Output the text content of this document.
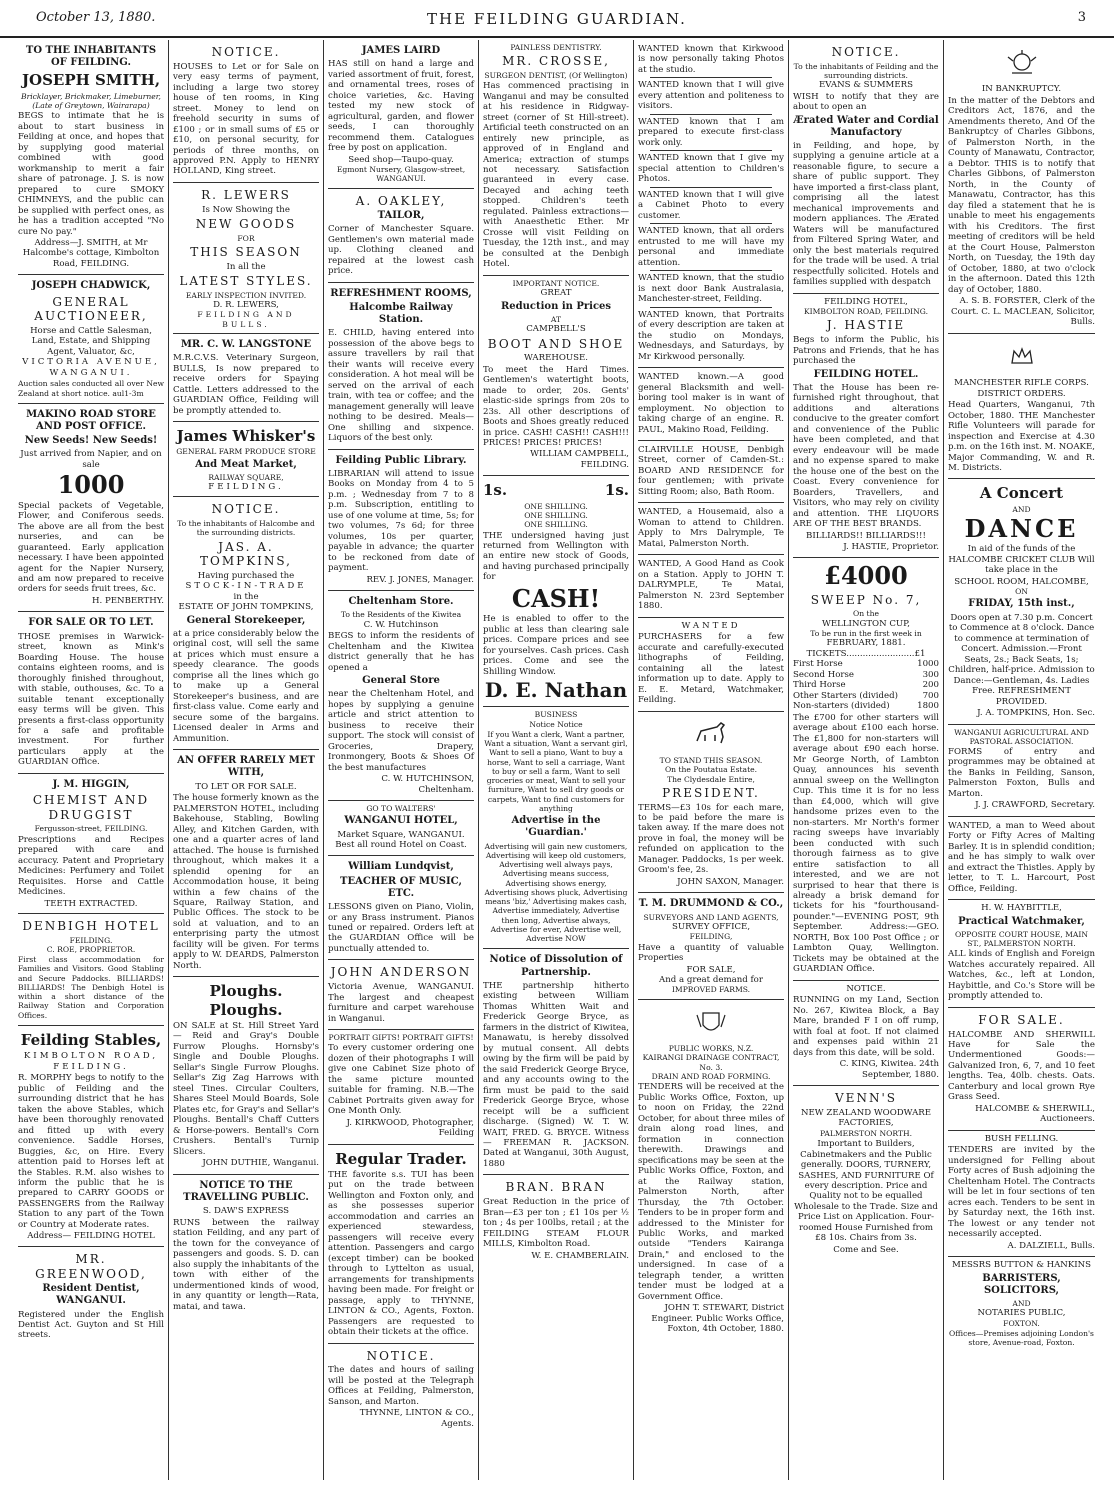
October 13, 1880.	THE FEILDING GUARDIAN.	3
TO THE INHABITANTS OF FEILDING.
JOSEPH SMITH,
Bricklayer, Brickmaker, Limeburner, (Late of Greytown, Wairarapa)

BEGS to intimate that he is about to start business in Feilding at once, and hopes that by supplying good material combined with good workmanship to merit a fair share of patronage. J. S. is now prepared to cure SMOKY CHIMNEYS, and the public can be supplied with perfect ones, as he has a tradition accepted "No cure No pay."

Address—J. SMITH, at Mr Halcombe's cottage, Kimbolton Road, FEILDING.

JOSEPH CHADWICK,
GENERAL AUCTIONEER,
Horse and Cattle Salesman, Land, Estate, and Shipping Agent, Valuator, &c,
VICTORIA AVENUE, WANGANUI.

Auction sales conducted all over New Zealand at short notice. aul1-3m

MAKINO ROAD STORE AND POST OFFICE.
New Seeds! New Seeds!
Just arrived from Napier, and on sale
1000

Special packets of Vegetable, Flower, and Coniferous seeds. The above are all from the best nurseries, and can be guaranteed. Early application necessary. I have been appointed agent for the Napier Nursery, and am now prepared to receive orders for seeds fruit trees, &c.

H. PENBERTHY.

FOR SALE OR TO LET.

THOSE premises in Warwick-street, known as Mink's Boarding House. The house contains eighteen rooms, and is thoroughly finished throughout, with stable, outhouses, &c. To a suitable tenant exceptionally easy terms will be given. This presents a first-class opportunity for a safe and profitable investment. For further particulars apply at the GUARDIAN Office.

J. M. HIGGIN,
CHEMIST AND DRUGGIST
Fergusson-street, FEILDING.

Prescriptions and Recipes prepared with care and accuracy. Patent and Proprietary Medicines: Perfumery and Toilet Requisites. Horse and Cattle Medicines.

TEETH EXTRACTED.
DENBIGH HOTEL
FEILDING.
C. ROE, PROPRIETOR.

First class accommodation for Families and Visitors. Good Stabling and Secure Paddocks. BILLIARDS! BILLIARDS! The Denbigh Hotel is within a short distance of the Railway Station and Corporation Offices.

Feilding Stables,
KIMBOLTON ROAD, FEILDING.

R. MORPHY begs to notify to the public of Feilding and the surrounding district that he has taken the above Stables, which have been thoroughly renovated and fitted up with every convenience. Saddle Horses, Buggies, &c, on Hire. Every attention paid to Horses left at the Stables. R.M. also wishes to inform the public that he is prepared to CARRY GOODS or PASSENGERS from the Railway Station to any part of the Town or Country at Moderate rates.

Address— FEILDING HOTEL
MR. GREENWOOD,
Resident Dentist, WANGANUI.

Registered under the English Dentist Act. Guyton and St Hill streets.

NOTICE.

HOUSES to Let or for Sale on very easy terms of payment, including a large two storey house of ten rooms, in King street. Money to lend on freehold security in sums of £100 ; or in small sums of £5 or £10, on personal security, for periods of three months, on approved P.N. Apply to HENRY HOLLAND, King street.

R. LEWERS
Is Now Showing the
NEW GOODS
FOR
THIS SEASON
In all the
LATEST STYLES.
EARLY INSPECTION INVITED.
D. R. LEWERS,
FEILDING AND BULLS.
MR. C. W. LANGSTONE

M.R.C.V.S. Veterinary Surgeon, BULLS, Is now prepared to receive orders for Spaying Cattle. Letters addressed to the GUARDIAN Office, Feilding will be promptly attended to.

James Whisker's
GENERAL FARM PRODUCE STORE
And Meat Market,
RAILWAY SQUARE,
FEILDING.
NOTICE.
To the inhabitants of Halcombe and the surrounding districts.
JAS. A. TOMPKINS,
Having purchased the
STOCK-IN-TRADE
in the
ESTATE OF JOHN TOMPKINS,
General Storekeeper,

at a price considerably below the original cost, will sell the same at prices which must ensure a speedy clearance. The goods comprise all the lines which go to make up a General Storekeeper's business, and are first-class value. Come early and secure some of the bargains. Licensed dealer in Arms and Ammunition.

AN OFFER RARELY MET WITH,
TO LET OR FOR SALE.

The house formerly known as the PALMERSTON HOTEL, including Bakehouse, Stabling, Bowling Alley, and Kitchen Garden, with one and a quarter acres of land attached. The house is furnished throughout, which makes it a splendid opening for an Accommodation house, it being within a few chains of the Square, Railway Station, and Public Offices. The stock to be sold at valuation, and to an enterprising party the utmost facility will be given. For terms apply to W. DEARDS, Palmerston North.

Ploughs. Ploughs.

ON SALE at St. Hill Street Yard— Reid and Gray's Double Furrow Ploughs. Hornsby's Single and Double Ploughs. Sellar's Single Furrow Ploughs. Sellar's Zig Zag Harrows with steel Tines. Circular Coulters, Shares Steel Mould Boards, Sole Plates etc, for Gray's and Sellar's Ploughs. Bentall's Chaff Cutters & Horse-powers. Bentall's Corn Crushers. Bentall's Turnip Slicers.

JOHN DUTHIE, Wanganui.

NOTICE TO THE TRAVELLING PUBLIC.
S. DAW'S EXPRESS

RUNS between the railway station Feilding, and any part of the town for the conveyance of passengers and goods. S. D. can also supply the inhabitants of the town with either of the undermentioned kinds of wood, in any quantity or length—Rata, matai, and tawa.

JAMES LAIRD

HAS still on hand a large and varied assortment of fruit, forest, and ornamental trees, roses of choice varieties, &c. Having tested my new stock of agricultural, garden, and flower seeds, I can thoroughly recommend them. Catalogues free by post on application.

Seed shop—Taupo-quay.
Egmont Nursery, Glasgow-street, WANGANUI.
A. OAKLEY,
TAILOR,

Corner of Manchester Square. Gentlemen's own material made up. Clothing cleaned and repaired at the lowest cash price.

REFRESHMENT ROOMS,
Halcombe Railway Station.

E. CHILD, having entered into possession of the above begs to assure travellers by rail that their wants will receive every consideration. A hot meal will be served on the arrival of each train, with tea or coffee; and the management generally will leave nothing to be desired. Meals—One shilling and sixpence. Liquors of the best only.

Feilding Public Library.

LIBRARIAN will attend to issue Books on Monday from 4 to 5 p.m. ; Wednesday from 7 to 8 p.m. Subscription, entitling to use of one volume at time, 5s; for two volumes, 7s 6d; for three volumes, 10s per quarter, payable in advance; the quarter to be reckoned from date of payment.

REV. J. JONES, Manager.

Cheltenham Store.
To the Residents of the Kiwitea
C. W. Hutchinson

BEGS to inform the residents of Cheltenham and the Kiwitea district generally that he has opened a

General Store

near the Cheltenham Hotel, and hopes by supplying a genuine article and strict attention to business to receive their support. The stock will consist of Groceries, Drapery, Ironmongery, Boots & Shoes Of the best manufactures

C. W. HUTCHINSON, Cheltenham.

GO TO WALTERS'
WANGANUI HOTEL,

Market Square, WANGANUI. Best all round Hotel on Coast.

William Lundqvist,
TEACHER OF MUSIC, ETC.

LESSONS given on Piano, Violin, or any Brass instrument. Pianos tuned or repaired. Orders left at the GUARDIAN Office will be punctually attended to.

JOHN ANDERSON

Victoria Avenue, WANGANUI. The largest and cheapest furniture and carpet warehouse in Wanganui.

PORTRAIT GIFTS! PORTRAIT GIFTS!

To every customer ordering one dozen of their photographs I will give one Cabinet Size photo of the same picture mounted suitable for framing. N.B.—The Cabinet Portraits given away for One Month Only.

J. KIRKWOOD, Photographer, Feilding

Regular Trader.

THE favorite s.s. TUI has been put on the trade between Wellington and Foxton only, and as she possesses superior accommodation and carries an experienced stewardess, passengers will receive every attention. Passengers and cargo (except timber) can be booked through to Lyttelton as usual, arrangements for transhipments having been made. For freight or passage, apply to THYNNE, LINTON & CO., Agents, Foxton. Passengers are requested to obtain their tickets at the office.

NOTICE.

The dates and hours of sailing will be posted at the Telegraph Offices at Feilding, Palmerston, Sanson, and Marton.

THYNNE, LINTON & CO., Agents.

PAINLESS DENTISTRY.
MR. CROSSE,
SURGEON DENTIST, (Of Wellington)

Has commenced practising in Wanganui and may be consulted at his residence in Ridgway-street (corner of St Hill-street). Artificial teeth constructed on an entirely new principle, as approved of in England and America; extraction of stumps not necessary. Satisfaction guaranteed in every case. Decayed and aching teeth stopped. Children's teeth regulated. Painless extractions—with Anaesthetic Ether. Mr Crosse will visit Feilding on Tuesday, the 12th inst., and may be consulted at the Denbigh Hotel.

IMPORTANT NOTICE.
GREAT
Reduction in Prices
AT
CAMPBELL'S
BOOT AND SHOE
WAREHOUSE.

To meet the Hard Times. Gentlemen's watertight boots, made to order, 20s. Gents' elastic-side springs from 20s to 23s. All other descriptions of Boots and Shoes greatly reduced in price. CASH! CASH!! CASH!!! PRICES! PRICES! PRICES!

WILLIAM CAMPBELL, FEILDING.

1s.	1s.
ONE SHILLING.
ONE SHILLING.
ONE SHILLING.

THE undersigned having just returned from Wellington with an entire new stock of Goods, and having purchased principally for

CASH!

He is enabled to offer to the public at less than clearing sale prices. Compare prices and see for yourselves. Cash prices. Cash prices. Come and see the Shilling Window.

D. E. Nathan
BUSINESS
Notice Notice

If you Want a clerk, Want a partner, Want a situation, Want a servant girl, Want to sell a piano, Want to buy a horse, Want to sell a carriage, Want to buy or sell a farm, Want to sell groceries or meat, Want to sell your furniture, Want to sell dry goods or carpets, Want to find customers for anything

Advertise in the 'Guardian.'

Advertising will gain new customers, Advertising will keep old customers, Advertising well always pays, Advertising means success, Advertising shows energy, Advertising shows pluck, Advertising means 'biz,' Advertising makes cash, Advertise immediately, Advertise then long, Advertise always, Advertise for ever, Advertise well, Advertise NOW

Notice of Dissolution of Partnership.

THE partnership hitherto existing between William Thomas Whitten Wait and Frederick George Bryce, as farmers in the district of Kiwitea, Manawatu, is hereby dissolved by mutual consent. All debts owing by the firm will be paid by the said Frederick George Bryce, and any accounts owing to the firm must be paid to the said Frederick George Bryce, whose receipt will be a sufficient discharge. (Signed) W. T. W. WAIT, FRED. G. BRYCE. Witness— FREEMAN R. JACKSON. Dated at Wanganui, 30th August, 1880

BRAN. BRAN

Great Reduction in the price of Bran—£3 per ton ; £1 10s per ½ ton ; 4s per 100lbs, retail ; at the FEILDING STEAM FLOUR MILLS, Kimbolton Road.

W. E. CHAMBERLAIN.

WANTED known that Kirkwood is now personally taking Photos at the studio.

WANTED known that I will give every attention and politeness to visitors.

WANTED known that I am prepared to execute first-class work only.

WANTED known that I give my special attention to Children's Photos.

WANTED known that I will give a Cabinet Photo to every customer.

WANTED known, that all orders entrusted to me will have my personal and immediate attention.

WANTED known, that the studio is next door Bank Australasia, Manchester-street, Feilding.

WANTED known, that Portraits of every description are taken at the studio on Mondays, Wednesdays, and Saturdays, by Mr Kirkwood personally.

WANTED known.—A good general Blacksmith and well-boring tool maker is in want of employment. No objection to taking charge of an engine. R. PAUL, Makino Road, Feilding.

CLAIRVILLE HOUSE, Denbigh Street, corner of Camden-St.: BOARD AND RESIDENCE for four gentlemen; with private Sitting Room; also, Bath Room.

WANTED, a Housemaid, also a Woman to attend to Children. Apply to Mrs Dalrymple, Te Matai, Palmerston North.

WANTED, A Good Hand as Cook on a Station. Apply to JOHN T. DALRYMPLE, Te Matai, Palmerston N. 23rd September 1880.

WANTED

PURCHASERS for a few accurate and carefully-executed lithographs of Feilding, containing all the latest information up to date. Apply to E. E. Metard, Watchmaker, Feilding.

TO STAND THIS SEASON.
On the Poutatua Estate.
The Clydesdale Entire,
PRESIDENT.

TERMS—£3 10s for each mare, to be paid before the mare is taken away. If the mare does not prove in foal, the money will be refunded on application to the Manager. Paddocks, 1s per week. Groom's fee, 2s.

JOHN SAXON, Manager.

T. M. DRUMMOND & CO.,
SURVEYORS AND LAND AGENTS,
SURVEY OFFICE,
FEILDING,

Have a quantity of valuable Properties

FOR SALE,
And a great demand for
IMPROVED FARMS.
PUBLIC WORKS, N.Z.
KAIRANGI DRAINAGE CONTRACT, No. 3.
DRAIN AND ROAD FORMING.

TENDERS will be received at the Public Works Office, Foxton, up to noon on Friday, the 22nd October, for about three miles of drain along road lines, and formation in connection therewith. Drawings and specifications may be seen at the Public Works Office, Foxton, and at the Railway station, Palmerston North, after Thursday, the 7th October. Tenders to be in proper form and addressed to the Minister for Public Works, and marked outside "Tenders Kairanga Drain," and enclosed to the undersigned. In case of a telegraph tender, a written tender must be lodged at a Government Office.

JOHN T. STEWART, District Engineer. Public Works Office, Foxton, 4th October, 1880.

NOTICE.
To the inhabitants of Feilding and the surrounding districts.
EVANS & SUMMERS

WISH to notify that they are about to open an

Ærated Water and Cordial Manufactory

in Feilding, and hope, by supplying a genuine article at a reasonable figure, to secure a share of public support. They have imported a first-class plant, comprising all the latest mechanical improvements and modern appliances. The Ærated Waters will be manufactured from Filtered Spring Water, and only the best materials required for the trade will be used. A trial respectfully solicited. Hotels and families supplied with despatch

FEILDING HOTEL,
KIMBOLTON ROAD, FEILDING.
J. HASTIE

Begs to inform the Public, his Patrons and Friends, that he has purchased the

FEILDING HOTEL.

That the House has been re-furnished right throughout, that additions and alterations conducive to the greater comfort and convenience of the Public have been completed, and that every endeavour will be made and no expense spared to make the house one of the best on the Coast. Every convenience for Boarders, Travellers, and Visitors, who may rely on civility and attention. THE LIQUORS ARE OF THE BEST BRANDS.

BILLIARDS!! BILLIARDS!!!

J. HASTIE, Proprietor.

£4000
SWEEP No. 7,
On the
WELLINGTON CUP,
To be run in the first week in
FEBRUARY, 1881.
TICKETS.........................£1
First Horse	1000
Second Horse	300
Third Horse	200
Other Starters (divided)	700
Non-starters (divided)	1800

The £700 for other starters will average about £100 each horse. The £1,800 for non-starters will average about £90 each horse. Mr George North, of Lambton Quay, announces his seventh annual sweep on the Wellington Cup. This time it is for no less than £4,000, which will give handsome prizes even to the non-starters. Mr North's former racing sweeps have invariably been conducted with such thorough fairness as to give entire satisfaction to all interested, and we are not surprised to hear that there is already a brisk demand for tickets for his "fourthousand-pounder."—EVENING POST, 9th September. Address:—GEO. NORTH, Box 100 Post Office ; or Lambton Quay, Wellington. Tickets may be obtained at the GUARDIAN Office.

NOTICE.

RUNNING on my Land, Section No. 267, Kiwitea Block, a Bay Mare, branded F I on off rump, with foal at foot. If not claimed and expenses paid within 21 days from this date, will be sold.

C. KING, Kiwitea. 24th September, 1880.

VENN'S
NEW ZEALAND WOODWARE FACTORIES,
PALMERSTON NORTH.

Important to Builders, Cabinetmakers and the Public generally. DOORS, TURNERY, SASHES, AND FURNITURE Of every description. Price and Quality not to be equalled Wholesale to the Trade. Size and Price List on Application. Four-roomed House Furnished from £8 10s. Chairs from 3s.

Come and See.
IN BANKRUPTCY.

In the matter of the Debtors and Creditors Act, 1876, and the Amendments thereto, And Of the Bankruptcy of Charles Gibbons, of Palmerston North, in the County of Manawatu, Contractor, a Debtor. THIS is to notify that Charles Gibbons, of Palmerston North, in the County of Manawatu, Contractor, has this day filed a statement that he is unable to meet his engagements with his Creditors. The first meeting of creditors will be held at the Court House, Palmerston North, on Tuesday, the 19th day of October, 1880, at two o'clock in the afternoon. Dated this 12th day of October, 1880.

A. S. B. FORSTER, Clerk of the Court. C. L. MACLEAN, Solicitor, Bulls.

MANCHESTER RIFLE CORPS.
DISTRICT ORDERS.

Head Quarters, Wanganui, 7th October, 1880. THE Manchester Rifle Volunteers will parade for inspection and Exercise at 4.30 p.m. on the 16th inst. M. NOAKE, Major Commanding, W. and R. M. Districts.

A Concert
AND
DANCE

In aid of the funds of the HALCOMBE CRICKET CLUB Will take place in the

SCHOOL ROOM, HALCOMBE,
ON
FRIDAY, 15th inst.,

Doors open at 7.30 p.m. Concert to Commence at 8 o'clock. Dance to commence at termination of Concert. Admission.—Front Seats, 2s.; Back Seats, 1s; Children, half-price. Admission to Dance:—Gentleman, 4s. Ladies Free. REFRESHMENT PROVIDED.

J. A. TOMPKINS, Hon. Sec.

WANGANUI AGRICULTURAL AND PASTORAL ASSOCIATION.

FORMS of entry and programmes may be obtained at the Banks in Feilding, Sanson, Palmerston Foxton, Bulls and Marton.

J. J. CRAWFORD, Secretary.

WANTED, a man to Weed about Forty or Fifty Acres of Malting Barley. It is in splendid condition; and he has simply to walk over and extract the Thistles. Apply by letter, to T. L. Harcourt, Post Office, Feilding.

H. W. HAYBITTLE,
Practical Watchmaker,
OPPOSITE COURT HOUSE, MAIN ST., PALMERSTON NORTH.

ALL kinds of English and Foreign Watches accurately repaired. All Watches, &c., left at London, Haybittle, and Co.'s Store will be promptly attended to.

FOR SALE.

HALCOMBE AND SHERWILL Have for Sale the Undermentioned Goods:— Galvanized Iron, 6, 7, and 10 feet lengths. Tea, 40lb. chests. Oats. Canterbury and local grown Rye Grass Seed.

HALCOMBE & SHERWILL, Auctioneers.

BUSH FELLING.

TENDERS are invited by the undersigned for Felling about Forty acres of Bush adjoining the Cheltenham Hotel. The Contracts will be let in four sections of ten acres each. Tenders to be sent in by Saturday next, the 16th inst. The lowest or any tender not necessarily accepted.

A. DALZIELL, Bulls.

MESSRS BUTTON & HANKINS
BARRISTERS, SOLICITORS,
AND
NOTARIES PUBLIC,
FOXTON.

Offices—Premises adjoining London's store, Avenue-road, Foxton.
